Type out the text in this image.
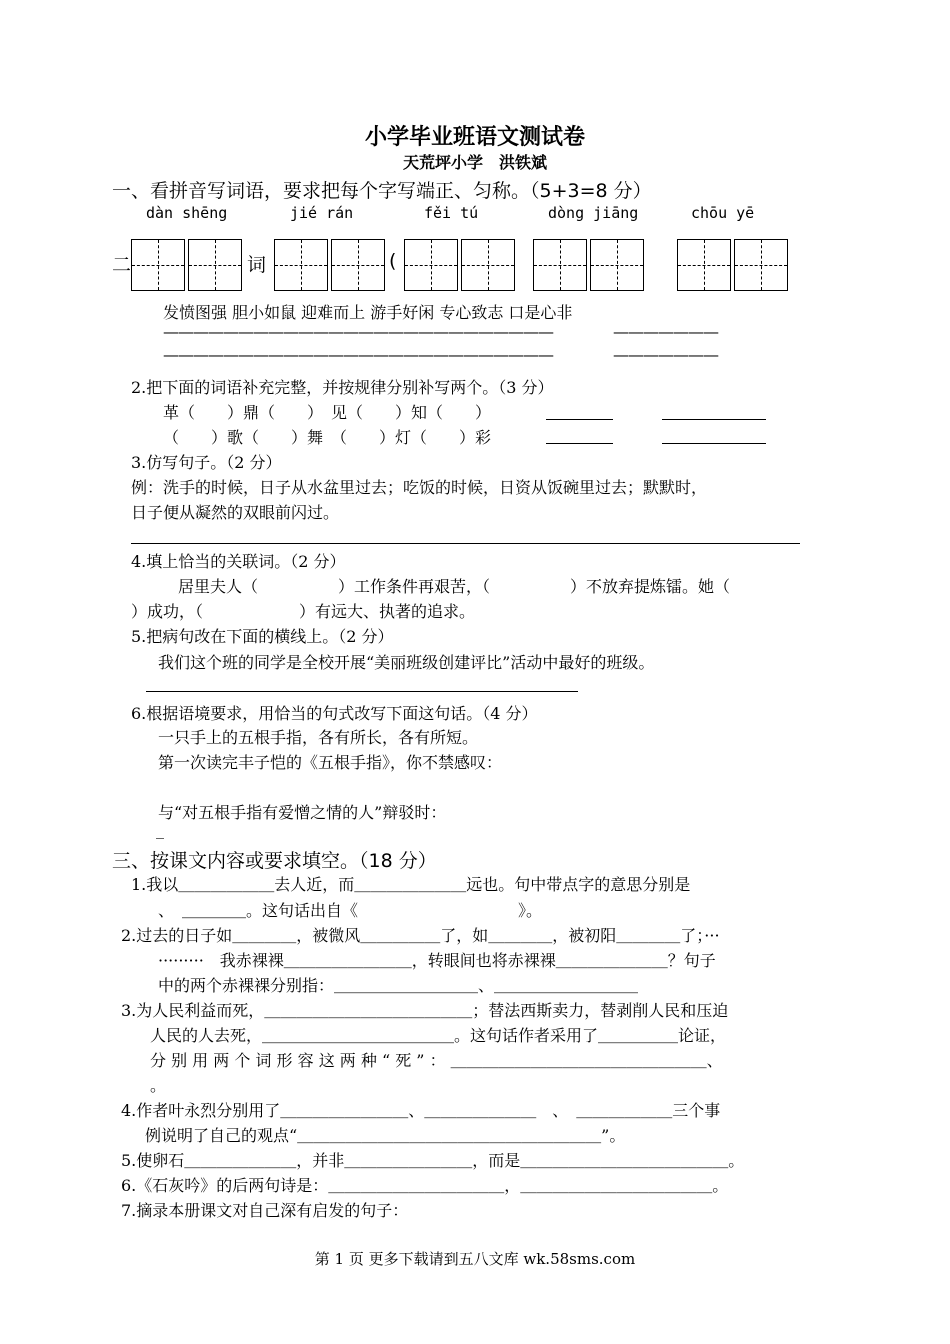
小学毕业班语文测试卷
天荒坪小学　洪铁斌
一、看拼音写词语，要求把每个字写端正、匀称。（5+3=8 分）
dàn shēng	jié rán	fěi tú	dòng jiāng	chōu yē
二	词	(
发愤图强 胆小如鼠 迎难而上 游手好闲 专心致志 口是心非
——————————————————————————	———————
——————————————————————————	———————
2.把下面的词语补充完整，并按规律分别补写两个。（3 分）
革（　　）鼎（　　）　见（　　）知（　　）
（　　）歌（　　）舞　（　　）灯（　　）彩
3.仿写句子。（2 分）
例：洗手的时候，日子从水盆里过去；吃饭的时候，日资从饭碗里过去；默默时，
日子便从凝然的双眼前闪过。
4.填上恰当的关联词。（2 分）
居里夫人（　　　　　）工作条件再艰苦，（　　　　　）不放弃提炼镭。她（
）成功，（　　　　　　）有远大、执著的追求。
5.把病句改在下面的横线上。（2 分）
我们这个班的同学是全校开展“美丽班级创建评比”活动中最好的班级。
6.根据语境要求，用恰当的句式改写下面这句话。（4 分）
一只手上的五根手指，各有所长，各有所短。
第一次读完丰子恺的《五根手指》，你不禁感叹：
与“对五根手指有爱憎之情的人”辩驳时：
_
三、按课文内容或要求填空。（18 分）
1.我以＿＿＿＿＿＿去人近，而＿＿＿＿＿＿＿远也。句中带点字的意思分别是
、　＿＿＿＿。这句话出自《　　　　　　　　　　》。
2.过去的日子如＿＿＿＿，被微风＿＿＿＿＿了，如＿＿＿＿，被初阳＿＿＿＿了；···
·········　我赤裸裸＿＿＿＿＿＿＿＿，转眼间也将赤裸裸＿＿＿＿＿＿＿？句子
中的两个赤裸裸分别指：＿＿＿＿＿＿＿＿＿、＿＿＿＿＿＿＿＿＿
3.为人民利益而死，＿＿＿＿＿＿＿＿＿＿＿＿＿；替法西斯卖力，替剥削人民和压迫
人民的人去死，＿＿＿＿＿＿＿＿＿＿＿＿。这句话作者采用了＿＿＿＿＿论证，
分 别 用 两 个 词 形 容 这 两 种 “ 死 ” ： ＿＿＿＿＿＿＿＿＿＿＿＿＿＿＿＿、
。
4.作者叶永烈分别用了＿＿＿＿＿＿＿＿、＿＿＿＿＿＿＿　、　＿＿＿＿＿＿三个事
例说明了自己的观点“＿＿＿＿＿＿＿＿＿＿＿＿＿＿＿＿＿＿＿”。
5.使卵石＿＿＿＿＿＿＿，并非＿＿＿＿＿＿＿＿，而是＿＿＿＿＿＿＿＿＿＿＿＿＿。
6.《石灰吟》的后两句诗是：＿＿＿＿＿＿＿＿＿＿＿，＿＿＿＿＿＿＿＿＿＿＿＿。
7.摘录本册课文对自己深有启发的句子：
第 1 页 更多下载请到五八文库 wk.58sms.com
